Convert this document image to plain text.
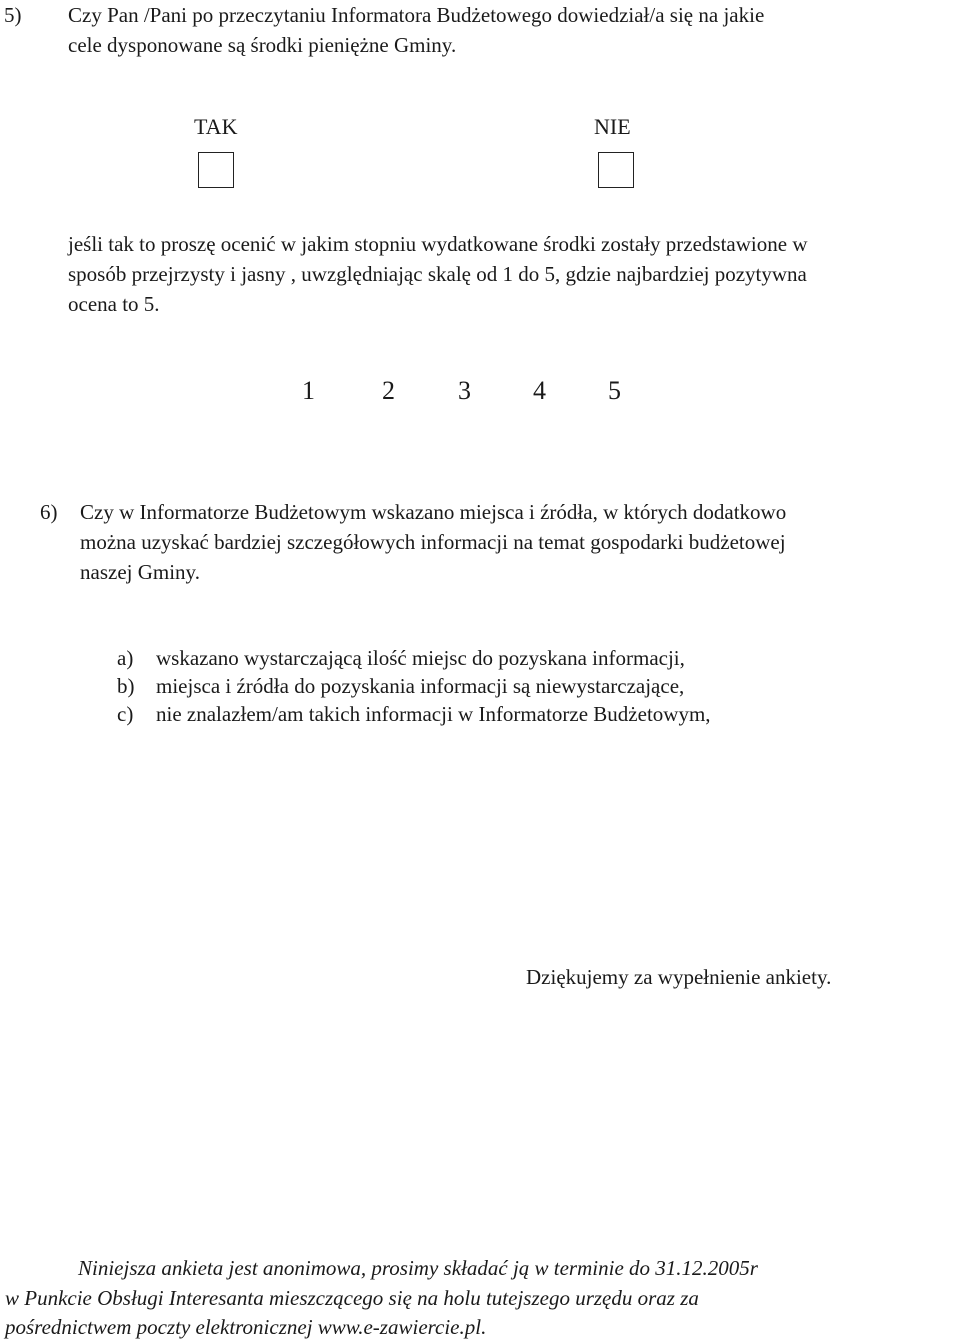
5) Czy Pan /Pani po przeczytaniu Informatora Budżetowego dowiedział/a się na jakie
cele dysponowane są środki pieniężne Gminy.
TAK	NIE
jeśli tak to proszę ocenić w jakim stopniu wydatkowane środki zostały przedstawione w
sposób przejrzysty i jasny , uwzględniając skalę od 1 do 5, gdzie najbardziej pozytywna
ocena to 5.
1	2 3 4 5
6) Czy w Informatorze Budżetowym wskazano miejsca i źródła, w których dodatkowo
można uzyskać bardziej szczegółowych informacji na temat gospodarki budżetowej
naszej Gminy.
a) wskazano wystarczającą ilość miejsc do pozyskana informacji,
b) miejsca i źródła do pozyskania informacji są niewystarczające,
c) nie znalazłem/am takich informacji w Informatorze Budżetowym,
Dziękujemy za wypełnienie ankiety.
Niniejsza ankieta jest anonimowa, prosimy składać ją w terminie do 31.12.2005r
w Punkcie Obsługi Interesanta mieszczącego się na holu tutejszego urzędu oraz za
pośrednictwem poczty elektronicznej www.e-zawiercie.pl.
